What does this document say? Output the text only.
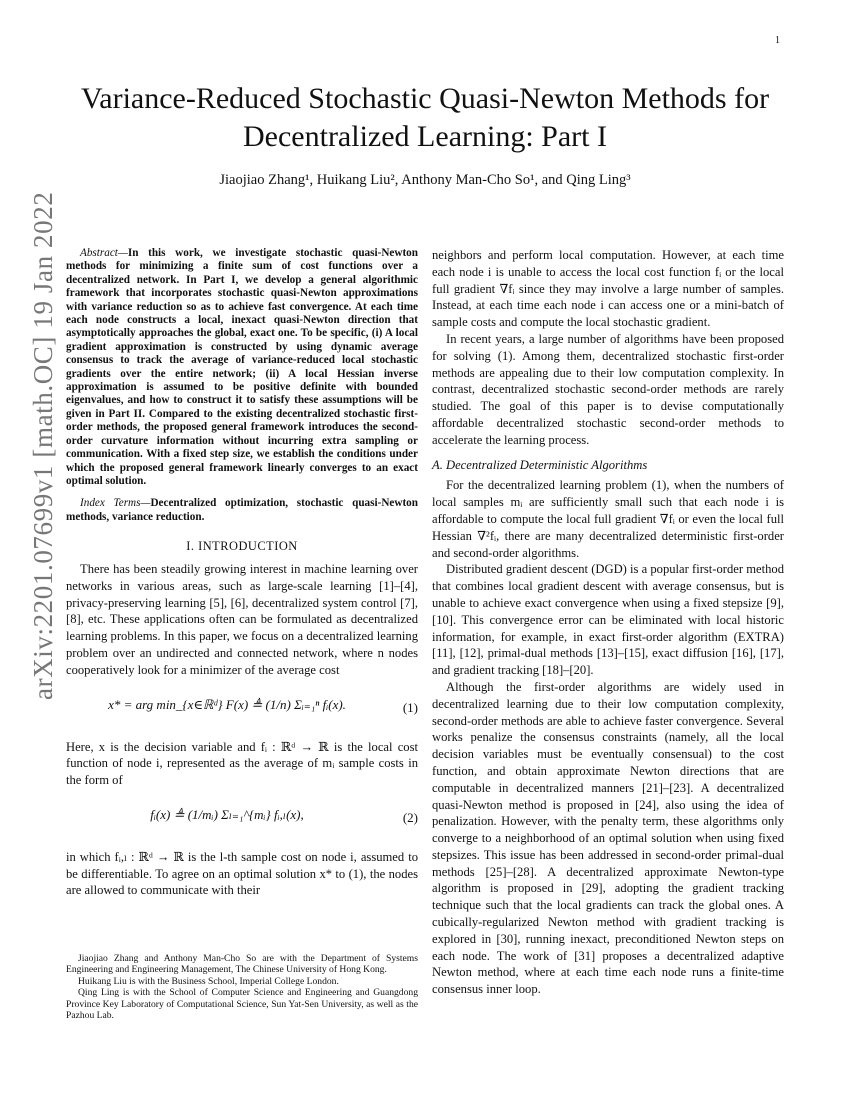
1
arXiv:2201.07699v1 [math.OC] 19 Jan 2022
Variance-Reduced Stochastic Quasi-Newton Methods for Decentralized Learning: Part I
Jiaojiao Zhang¹, Huikang Liu², Anthony Man-Cho So¹, and Qing Ling³

Abstract—In this work, we investigate stochastic quasi-Newton methods for minimizing a finite sum of cost functions over a decentralized network. In Part I, we develop a general algorithmic framework that incorporates stochastic quasi-Newton approximations with variance reduction so as to achieve fast convergence. At each time each node constructs a local, inexact quasi-Newton direction that asymptotically approaches the global, exact one. To be specific, (i) A local gradient approximation is constructed by using dynamic average consensus to track the average of variance-reduced local stochastic gradients over the entire network; (ii) A local Hessian inverse approximation is assumed to be positive definite with bounded eigenvalues, and how to construct it to satisfy these assumptions will be given in Part II. Compared to the existing decentralized stochastic first-order methods, the proposed general framework introduces the second-order curvature information without incurring extra sampling or communication. With a fixed step size, we establish the conditions under which the proposed general framework linearly converges to an exact optimal solution.

Index Terms—Decentralized optimization, stochastic quasi-Newton methods, variance reduction.

I. INTRODUCTION

There has been steadily growing interest in machine learning over networks in various areas, such as large-scale learning [1]–[4], privacy-preserving learning [5], [6], decentralized system control [7], [8], etc. These applications often can be formulated as decentralized learning problems. In this paper, we focus on a decentralized learning problem over an undirected and connected network, where n nodes cooperatively look for a minimizer of the average cost

x* = arg min_{x∈ℝᵈ} F(x) ≜ (1/n) Σᵢ₌₁ⁿ fᵢ(x).	(1)

Here, x is the decision variable and fᵢ : ℝᵈ → ℝ is the local cost function of node i, represented as the average of mᵢ sample costs in the form of

fᵢ(x) ≜ (1/mᵢ) Σₗ₌₁^{mᵢ} fᵢ,ₗ(x),	(2)

in which fᵢ,ₗ : ℝᵈ → ℝ is the l-th sample cost on node i, assumed to be differentiable. To agree on an optimal solution x* to (1), the nodes are allowed to communicate with their

Jiaojiao Zhang and Anthony Man-Cho So are with the Department of Systems Engineering and Engineering Management, The Chinese University of Hong Kong.

Huikang Liu is with the Business School, Imperial College London.

Qing Ling is with the School of Computer Science and Engineering and Guangdong Province Key Laboratory of Computational Science, Sun Yat-Sen University, as well as the Pazhou Lab.

neighbors and perform local computation. However, at each time each node i is unable to access the local cost function fᵢ or the local full gradient ∇fᵢ since they may involve a large number of samples. Instead, at each time each node i can access one or a mini-batch of sample costs and compute the local stochastic gradient.

In recent years, a large number of algorithms have been proposed for solving (1). Among them, decentralized stochastic first-order methods are appealing due to their low computation complexity. In contrast, decentralized stochastic second-order methods are rarely studied. The goal of this paper is to devise computationally affordable decentralized stochastic second-order methods to accelerate the learning process.

A. Decentralized Deterministic Algorithms

For the decentralized learning problem (1), when the numbers of local samples mᵢ are sufficiently small such that each node i is affordable to compute the local full gradient ∇fᵢ or even the local full Hessian ∇²fᵢ, there are many decentralized deterministic first-order and second-order algorithms.

Distributed gradient descent (DGD) is a popular first-order method that combines local gradient descent with average consensus, but is unable to achieve exact convergence when using a fixed stepsize [9], [10]. This convergence error can be eliminated with local historic information, for example, in exact first-order algorithm (EXTRA) [11], [12], primal-dual methods [13]–[15], exact diffusion [16], [17], and gradient tracking [18]–[20].

Although the first-order algorithms are widely used in decentralized learning due to their low computation complexity, second-order methods are able to achieve faster convergence. Several works penalize the consensus constraints (namely, all the local decision variables must be eventually consensual) to the cost function, and obtain approximate Newton directions that are computable in decentralized manners [21]–[23]. A decentralized quasi-Newton method is proposed in [24], also using the idea of penalization. However, with the penalty term, these algorithms only converge to a neighborhood of an optimal solution when using fixed stepsizes. This issue has been addressed in second-order primal-dual methods [25]–[28]. A decentralized approximate Newton-type algorithm is proposed in [29], adopting the gradient tracking technique such that the local gradients can track the global ones. A cubically-regularized Newton method with gradient tracking is explored in [30], running inexact, preconditioned Newton steps on each node. The work of [31] proposes a decentralized adaptive Newton method, where at each time each node runs a finite-time consensus inner loop.
